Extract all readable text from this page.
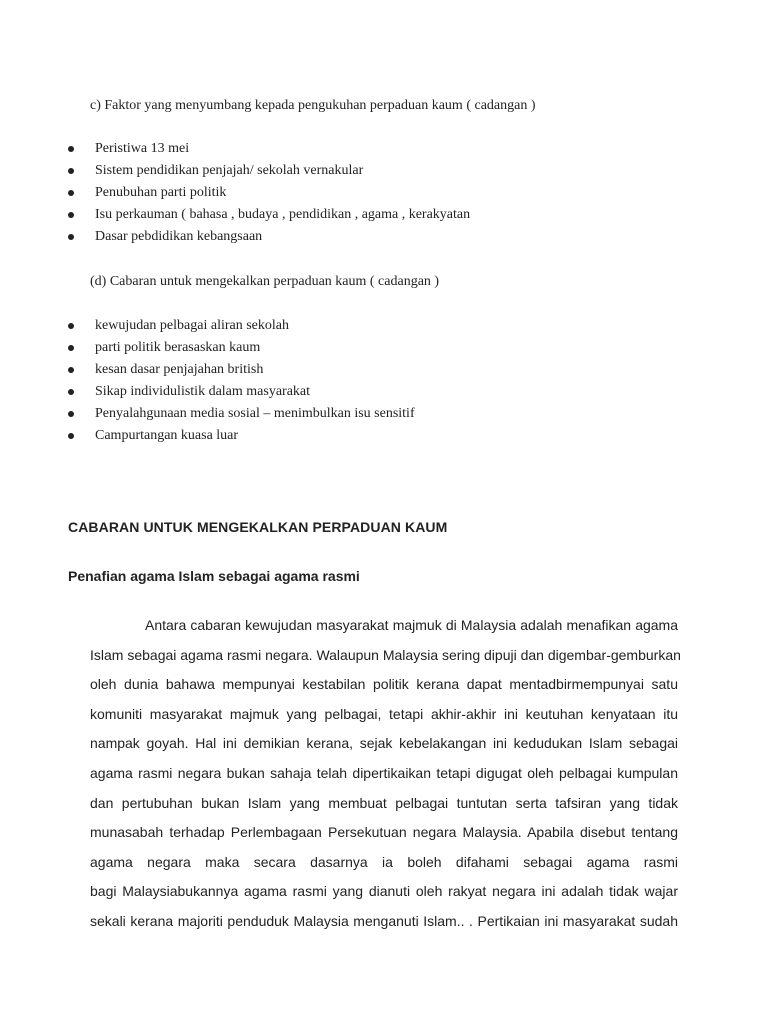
c) Faktor yang menyumbang kepada pengukuhan perpaduan kaum ( cadangan )
Peristiwa 13 mei
Sistem pendidikan penjajah/ sekolah vernakular
Penubuhan parti politik
Isu perkauman ( bahasa , budaya , pendidikan , agama , kerakyatan
Dasar pebdidikan kebangsaan
(d) Cabaran untuk mengekalkan perpaduan kaum ( cadangan )
kewujudan pelbagai aliran sekolah
parti politik berasaskan kaum
kesan dasar penjajahan british
Sikap individulistik dalam masyarakat
Penyalahgunaan media sosial – menimbulkan isu sensitif
Campurtangan kuasa luar
CABARAN UNTUK MENGEKALKAN PERPADUAN KAUM
Penafian agama Islam sebagai agama rasmi
Antara cabaran kewujudan masyarakat majmuk di Malaysia adalah menafikan agama
Islam sebagai agama rasmi negara. Walaupun Malaysia sering dipuji dan digembar-gemburkan
oleh dunia bahawa mempunyai kestabilan politik kerana dapat mentadbirmempunyai satu
komuniti masyarakat majmuk yang pelbagai, tetapi akhir-akhir ini keutuhan kenyataan itu
nampak goyah. Hal ini demikian kerana, sejak kebelakangan ini kedudukan Islam sebagai
agama rasmi negara bukan sahaja telah dipertikaikan tetapi digugat oleh pelbagai kumpulan
dan pertubuhan bukan Islam yang membuat pelbagai tuntutan serta tafsiran yang tidak
munasabah terhadap Perlembagaan Persekutuan negara Malaysia. Apabila disebut tentang
agama negara maka secara dasarnya ia boleh difahami sebagai agama rasmi
bagi Malaysiabukannya agama rasmi yang dianuti oleh rakyat negara ini adalah tidak wajar
sekali kerana majoriti penduduk Malaysia menganuti Islam.. . Pertikaian ini masyarakat sudah
